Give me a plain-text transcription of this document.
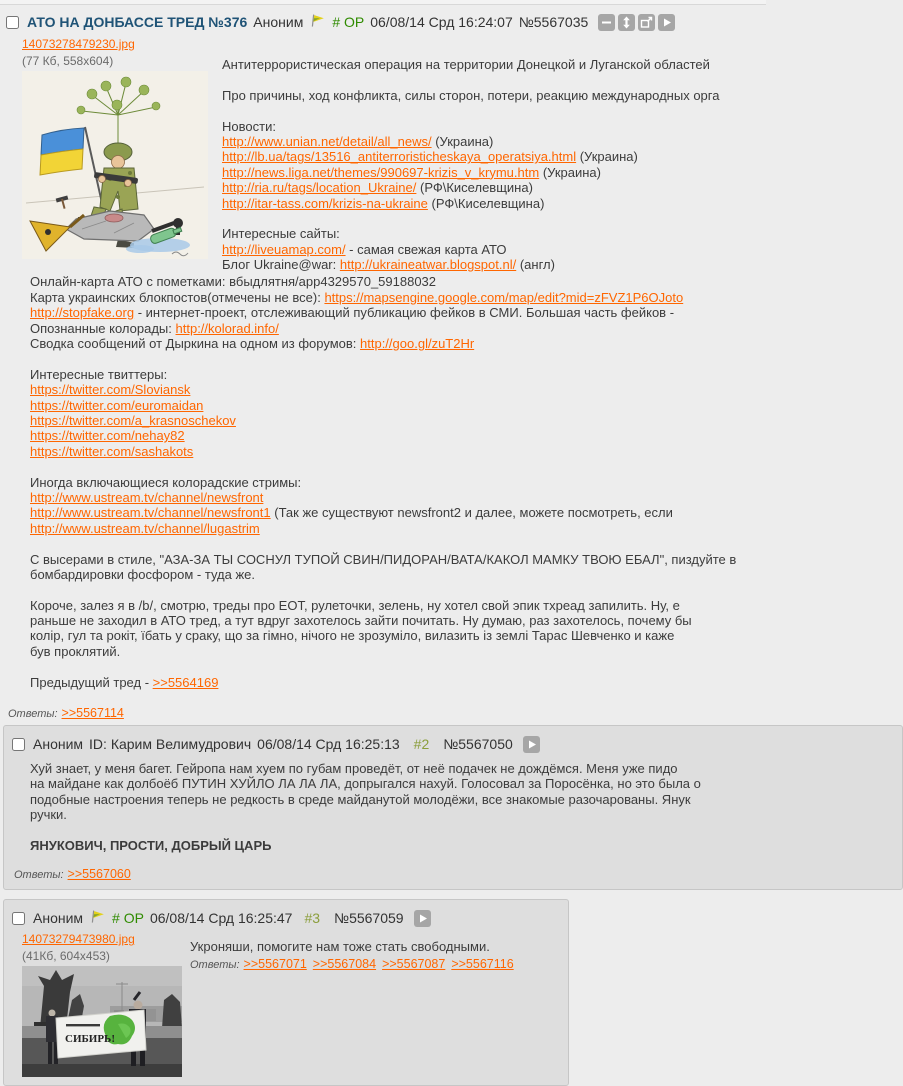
АТО НА ДОНБАССЕ ТРЕД №376 Аноним # OP 06/08/14 Срд 16:24:07 №5567035
14073278479230.jpg
(77 Кб, 558x604)	Антитеррористическая операция на территории Донецкой и Луганской областей
Про причины, ход конфликта, силы сторон, потери, реакцию международных орга
Новости:
http://www.unian.net/detail/all_news/ (Украина)
http://lb.ua/tags/13516_antiterroristicheskaya_operatsiya.html (Украина)
http://news.liga.net/themes/990697-krizis_v_krymu.htm (Украина)
http://ria.ru/tags/location_Ukraine/ (РФ\Киселевщина)
http://itar-tass.com/krizis-na-ukraine (РФ\Киселевщина)
Интересные сайты:
http://liveuamap.com/ - самая свежая карта АТО
Блог Ukraine@war: http://ukraineatwar.blogspot.nl/ (англ)
Онлайн-карта АТО с пометками: вбыдлятня/app4329570_59188032
Карта украинских блокпостов(отмечены не все): https://mapsengine.google.com/map/edit?mid=zFVZ1P6OJoto
http://stopfake.org - интернет-проект, отслеживающий публикацию фейков в СМИ. Большая часть фейков -
Опознанные колорады: http://kolorad.info/
Сводка сообщений от Дыркина на одном из форумов: http://goo.gl/zuT2Hr
Интересные твиттеры:
https://twitter.com/Sloviansk
https://twitter.com/euromaidan
https://twitter.com/a_krasnoschekov
https://twitter.com/nehay82
https://twitter.com/sashakots
Иногда включающиеся колорадские стримы:
http://www.ustream.tv/channel/newsfront
http://www.ustream.tv/channel/newsfront1 (Так же существуют newsfront2 и далее, можете посмотреть, если
http://www.ustream.tv/channel/lugastrim
С высерами в стиле, "АЗА-ЗА ТЫ СОСНУЛ ТУПОЙ СВИН/ПИДОРАН/ВАТА/КАКОЛ МАМКУ ТВОЮ ЕБАЛ", пиздуйте в
бомбардировки фосфором - туда же.
Короче, залез я в /b/, смотрю, треды про ЕОТ, рулеточки, зелень, ну хотел свой эпик тхреад запилить. Ну, е
раньше не заходил в АТО тред, а тут вдруг захотелось зайти почитать. Ну думаю, раз захотелось, почему бы
колір, гул та рокіт, їбать у сраку, що за гімно, нічого не зрозуміло, вилазить із землі Тарас Шевченко и каже
був проклятий.
Предыдущий тред - >>5564169
Ответы: >>5567114
Аноним ID: Карим Велимудрович 06/08/14 Срд 16:25:13 #2 №5567050
Хуй знает, у меня багет. Гейропа нам хуем по губам проведёт, от неё подачек не дождёмся. Меня уже пидо
на майдане как долбоёб ПУТИН ХУЙЛО ЛА ЛА ЛА, допрыгался нахуй. Голосовал за Поросёнка, но это была о
подобные настроения теперь не редкость в среде майданутой молодёжи, все знакомые разочарованы. Янук
ручки.
ЯНУКОВИЧ, ПРОСТИ, ДОБРЫЙ ЦАРЬ
Ответы: >>5567060
Аноним # OP 06/08/14 Срд 16:25:47 #3 №5567059
14073279473980.jpg
(41Кб, 604x453)
СИБИРЬ!
Укроняши, помогите нам тоже стать свободными.
Ответы: >>5567071 >>5567084 >>5567087 >>5567116
